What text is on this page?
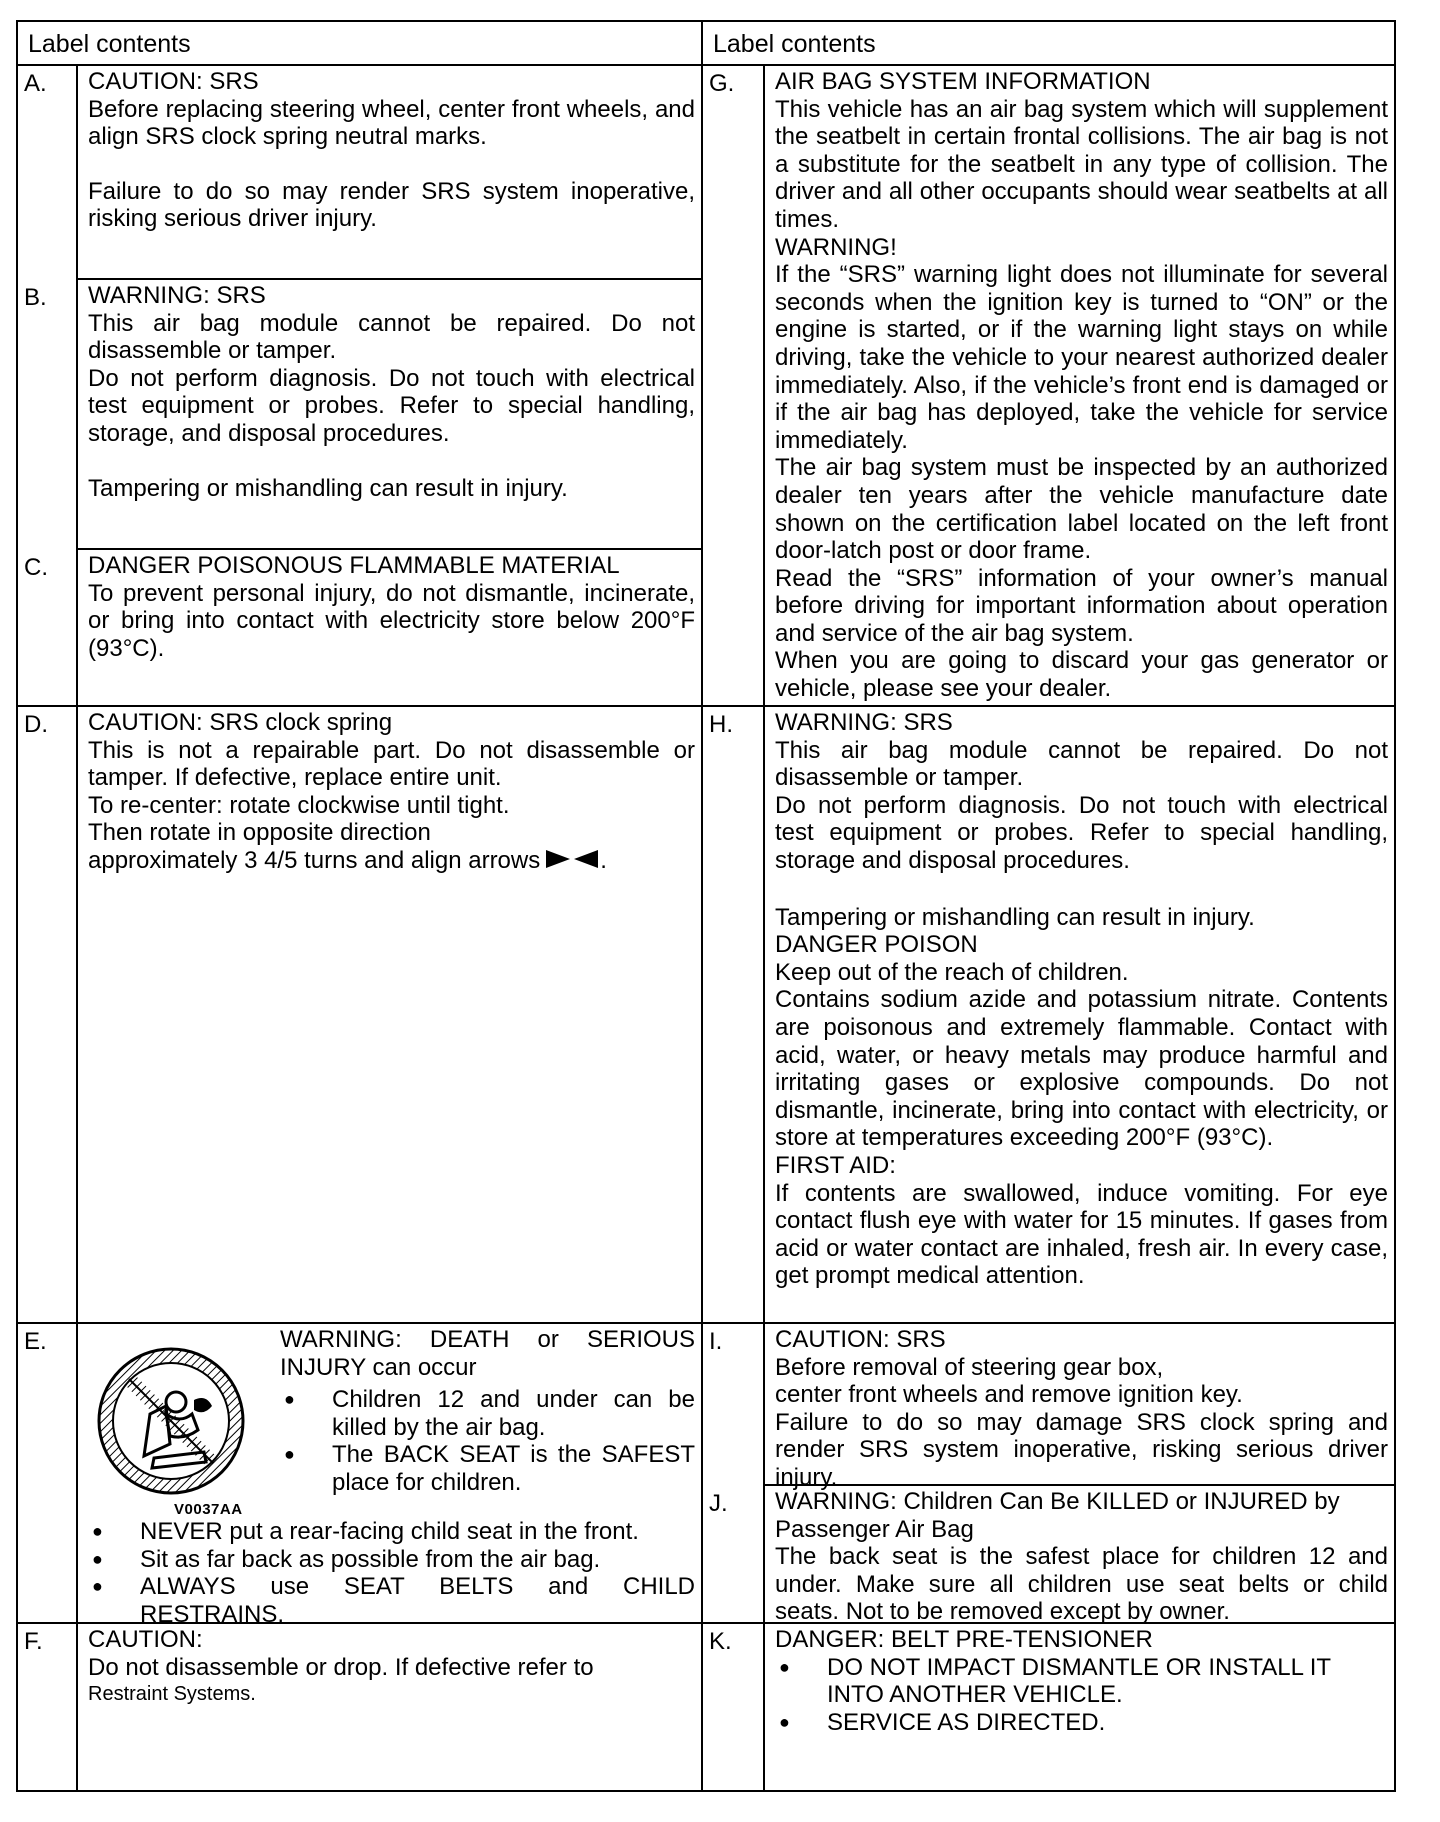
Label contents	Label contents
A.
B.
C.
D.
E.
F.
G.
H.
I.
J.
K.

CAUTION: SRS

Before replacing steering wheel, center front wheels, and align SRS clock spring neutral marks.

Failure to do so may render SRS system inoperative, risking serious driver injury.

WARNING: SRS

This air bag module cannot be repaired. Do not disassemble or tamper.

Do not perform diagnosis. Do not touch with electrical test equipment or probes. Refer to special handling, storage, and disposal procedures.

Tampering or mishandling can result in injury.

DANGER POISONOUS FLAMMABLE MATERIAL

To prevent personal injury, do not dismantle, incinerate, or bring into contact with electricity store below 200°F (93°C).

CAUTION: SRS clock spring

This is not a repairable part. Do not disassemble or tamper. If defective, replace entire unit.

To re-center: rotate clockwise until tight.

Then rotate in opposite direction

approximately 3 4/5 turns and align arrows	.

V0037AA

WARNING: DEATH or SERIOUS INJURY can occur

● Children 12 and under can be killed by the air bag.
● The BACK SEAT is the SAFEST place for children.
● NEVER put a rear-facing child seat in the front.
● Sit as far back as possible from the air bag.
● ALWAYS use SEAT BELTS and CHILD RESTRAINS.

CAUTION:

Do not disassemble or drop. If defective refer to

Restraint Systems.

AIR BAG SYSTEM INFORMATION

This vehicle has an air bag system which will supplement the seatbelt in certain frontal collisions. The air bag is not a substitute for the seatbelt in any type of collision. The driver and all other occupants should wear seatbelts at all times.

WARNING!

If the “SRS” warning light does not illuminate for several seconds when the ignition key is turned to “ON” or the engine is started, or if the warning light stays on while driving, take the vehicle to your nearest authorized dealer immediately. Also, if the vehicle’s front end is damaged or if the air bag has deployed, take the vehicle for service immediately.

The air bag system must be inspected by an authorized dealer ten years after the vehicle manufacture date shown on the certification label located on the left front door-latch post or door frame.

Read the “SRS” information of your owner’s manual before driving for important information about operation and service of the air bag system.

When you are going to discard your gas generator or vehicle, please see your dealer.

WARNING: SRS

This air bag module cannot be repaired. Do not disassemble or tamper.

Do not perform diagnosis. Do not touch with electrical test equipment or probes. Refer to special handling, storage and disposal procedures.

Tampering or mishandling can result in injury.

DANGER POISON

Keep out of the reach of children.

Contains sodium azide and potassium nitrate. Contents are poisonous and extremely flammable. Contact with acid, water, or heavy metals may produce harmful and irritating gases or explosive compounds. Do not dismantle, incinerate, bring into contact with electricity, or store at temperatures exceeding 200°F (93°C).

FIRST AID:

If contents are swallowed, induce vomiting. For eye contact flush eye with water for 15 minutes. If gases from acid or water contact are inhaled, fresh air. In every case, get prompt medical attention.

CAUTION: SRS

Before removal of steering gear box,

center front wheels and remove ignition key.

Failure to do so may damage SRS clock spring and render SRS system inoperative, risking serious driver injury.

WARNING: Children Can Be KILLED or INJURED by Passenger Air Bag

The back seat is the safest place for children 12 and under. Make sure all children use seat belts or child seats. Not to be removed except by owner.

DANGER: BELT PRE-TENSIONER

● DO NOT IMPACT DISMANTLE OR INSTALL IT INTO ANOTHER VEHICLE.
● SERVICE AS DIRECTED.
